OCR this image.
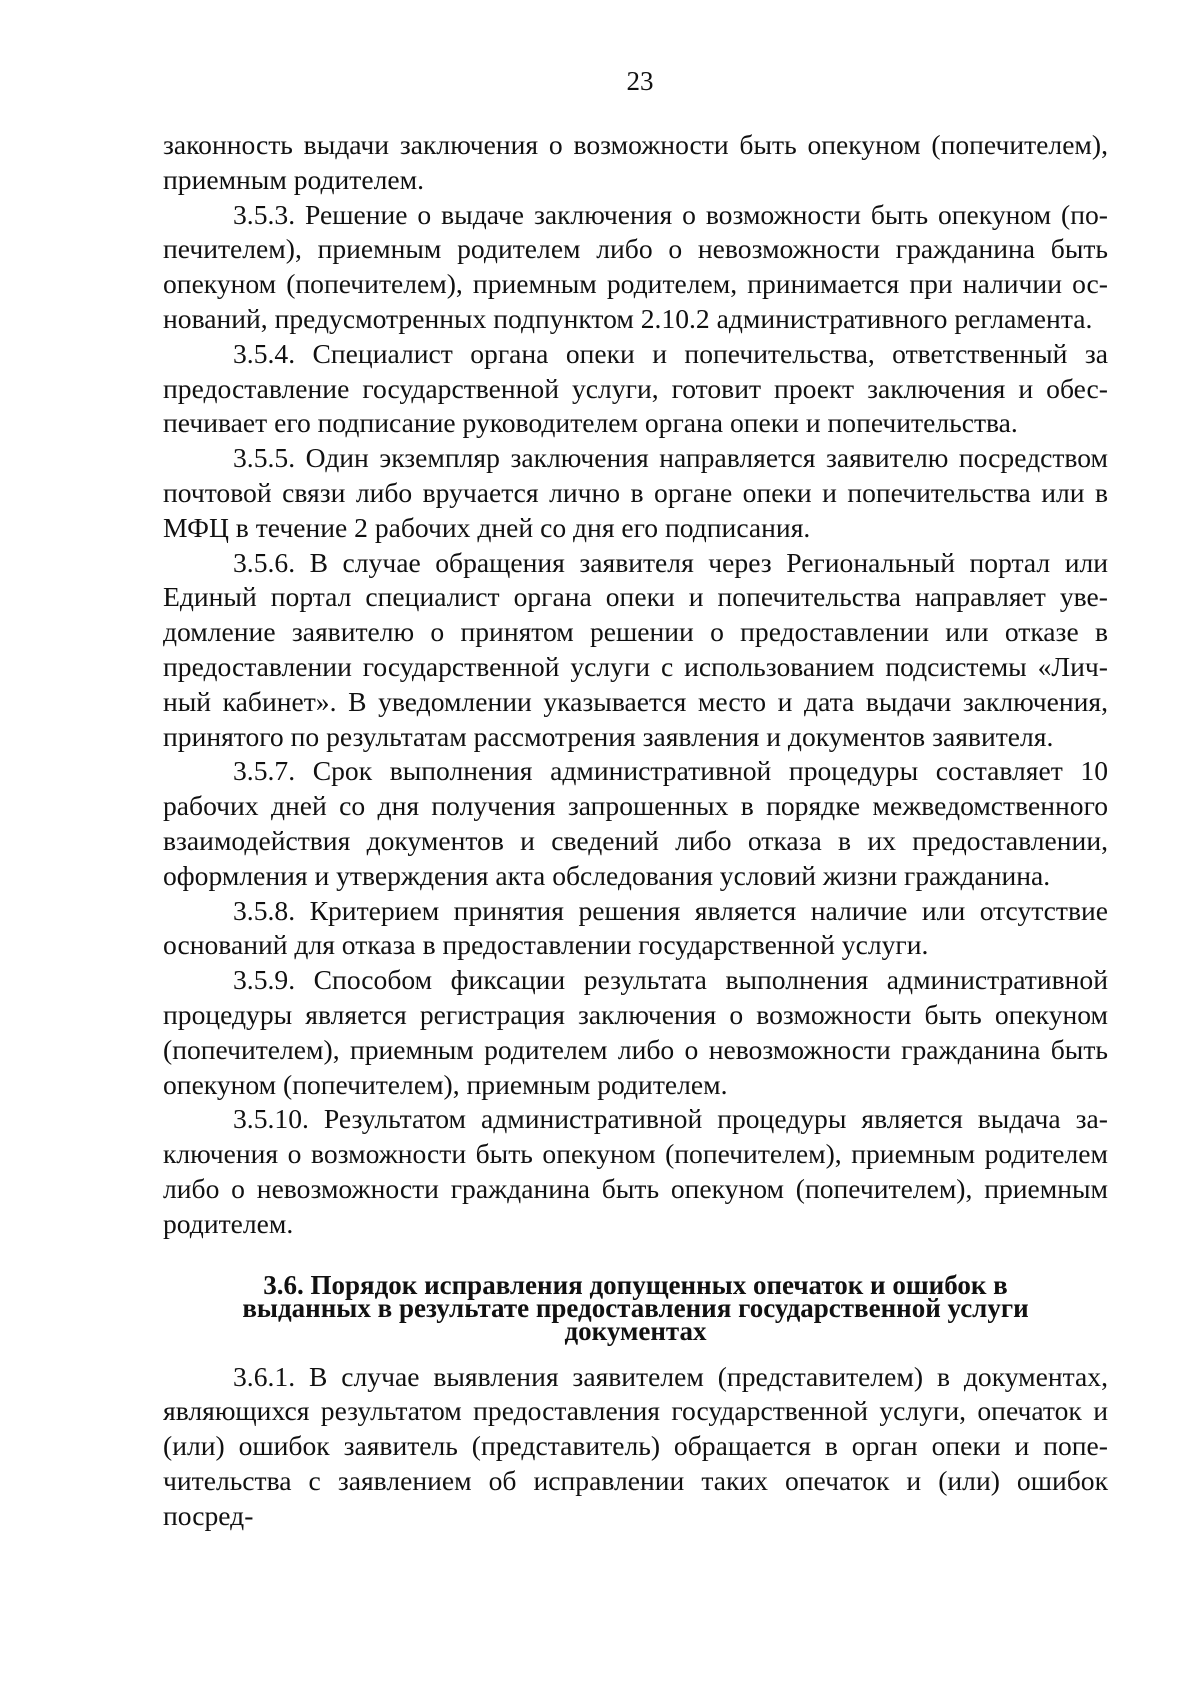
23

законность выдачи заключения о возможности быть опекуном (попечителем), приемным родителем.

3.5.3. Решение о выдаче заключения о возможности быть опекуном (попечителем), приемным родителем либо о невозможности гражданина быть опекуном (попечителем), приемным родителем, принимается при наличии оснований, предусмотренных подпунктом 2.10.2 административного регламента.

3.5.4. Специалист органа опеки и попечительства, ответственный за предоставление государственной услуги, готовит проект заключения и обеспечивает его подписание руководителем органа опеки и попечительства.

3.5.5. Один экземпляр заключения направляется заявителю посредством почтовой связи либо вручается лично в органе опеки и попечительства или в МФЦ в течение 2 рабочих дней со дня его подписания.

3.5.6. В случае обращения заявителя через Региональный портал или Единый портал специалист органа опеки и попечительства направляет уведомление заявителю о принятом решении о предоставлении или отказе в предоставлении государственной услуги с использованием подсистемы «Личный кабинет». В уведомлении указывается место и дата выдачи заключения, принятого по результатам рассмотрения заявления и документов заявителя.

3.5.7. Срок выполнения административной процедуры составляет 10 рабочих дней со дня получения запрошенных в порядке межведомственного взаимодействия документов и сведений либо отказа в их предоставлении, оформления и утверждения акта обследования условий жизни гражданина.

3.5.8. Критерием принятия решения является наличие или отсутствие оснований для отказа в предоставлении государственной услуги.

3.5.9. Способом фиксации результата выполнения административной процедуры является регистрация заключения о возможности быть опекуном (попечителем), приемным родителем либо о невозможности гражданина быть опекуном (попечителем), приемным родителем.

3.5.10. Результатом административной процедуры является выдача заключения о возможности быть опекуном (попечителем), приемным родителем либо о невозможности гражданина быть опекуном (попечителем), приемным родителем.

3.6. Порядок исправления допущенных опечаток и ошибок в
выданных в результате предоставления государственной услуги
документах

3.6.1. В случае выявления заявителем (представителем) в документах, являющихся результатом предоставления государственной услуги, опечаток и (или) ошибок заявитель (представитель) обращается в орган опеки и попечительства с заявлением об исправлении таких опечаток и (или) ошибок посред-
